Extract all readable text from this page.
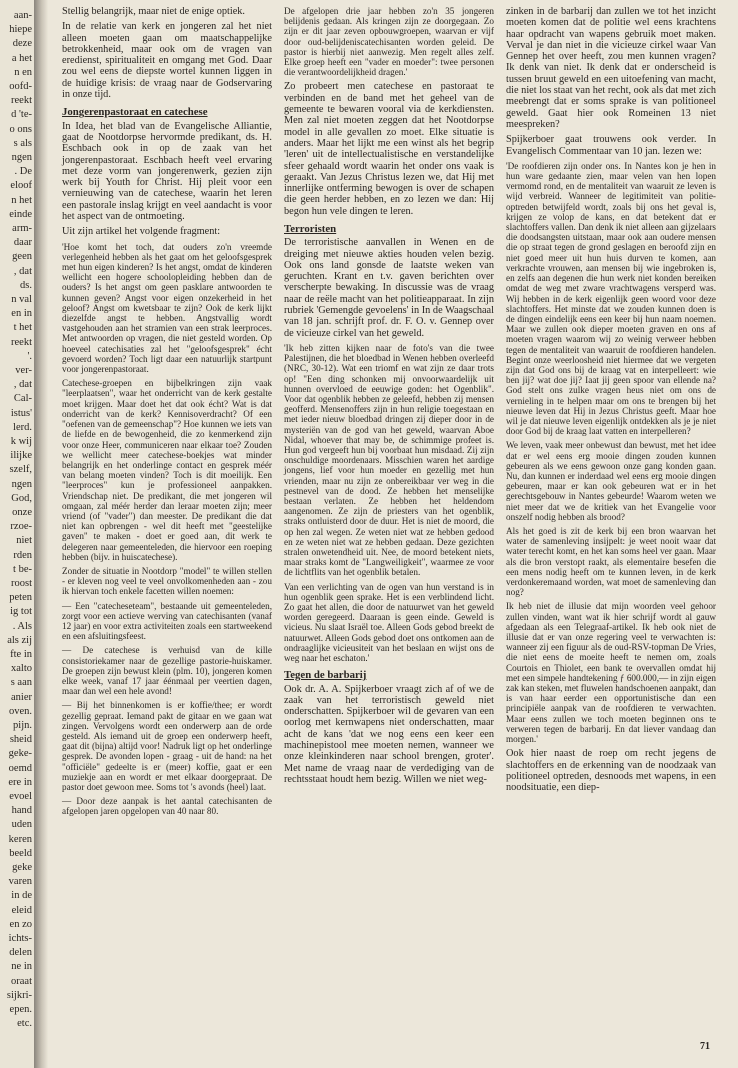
aan-
hiepe
deze
a het
n en
oofd-
reekt
d 'te-
o ons
s als
ngen
. De
eloof
n het
einde
arm-
daar
geen
, dat
ds.
n val
en in
t het
reekt
'.
ver-
, dat
Cal-
istus'
lerd.
k wij
ilijke
szelf,
ngen
God,
onze
rzoe-
niet
rden
t be-
roost
peten
ig tot
. Als
als zij
fte in
xalto
s aan
anier
oven.
pijn.
sheid
geke-
oemd
ere in
evoel
hand
uden
keren
beeld
geke
varen
in de
eleid
en zo
ichts-
delen
ne in
oraat
sijkri-
epen.
etc.

Stellig belangrijk, maar niet de enige optiek.

In de relatie van kerk en jongeren zal het niet alleen moeten gaan om maatschappelijke betrokkenheid, maar ook om de vragen van eredienst, spiritualiteit en omgang met God. Daar zou wel eens de diepste wortel kunnen liggen in de huidige krisis: de vraag naar de Godservaring in onze tijd.

Jongerenpastoraat en catechese

In Idea, het blad van de Evangelische Alliantie, gaat de Nootdorpse hervormde predikant, ds. H. Eschbach ook in op de zaak van het jongerenpastoraat. Eschbach heeft veel ervaring met deze vorm van jongerenwerk, gezien zijn werk bij Youth for Christ. Hij pleit voor een vernieuwing van de catechese, waarin het leren een pastorale inslag krijgt en veel aandacht is voor het aspect van de ontmoeting.

Uit zijn artikel het volgende fragment:

'Hoe komt het toch, dat ouders zo'n vreemde verlegenheid hebben als het gaat om het geloofsgesprek met hun eigen kinderen? Is het angst, omdat de kinderen wellicht een hogere schoolopleiding hebben dan de ouders? Is het angst om geen pasklare antwoorden te kunnen geven? Angst voor eigen onzekerheid in het geloof? Angst om kwetsbaar te zijn? Ook de kerk lijkt diezelfde angst te hebben. Angstvallig wordt vastgehouden aan het stramien van een strak leerproces. Met antwoorden op vragen, die niet gesteld worden. Op hoeveel catechisaties zal het "geloofsgesprek" écht gevoerd worden? Toch ligt daar een natuurlijk startpunt voor jongerenpastoraat.

Catechese-groepen en bijbelkringen zijn vaak "leerplaatsen", waar het onderricht van de kerk gestalte moet krijgen. Maar doet het dat ook écht? Wat is dat onderricht van de kerk? Kennisoverdracht? Of een "oefenen van de gemeenschap"? Hoe kunnen we iets van de liefde en de bewogenheid, die zo kenmerkend zijn voor onze Heer, communiceren naar elkaar toe? Zouden we wellicht meer catechese-boekjes wat minder belangrijk en het onderlinge contact en gesprek méér van belang moeten vinden? Toch is dit moeilijk. Een "leerproces" kun je professioneel aanpakken. Vriendschap niet. De predikant, die met jongeren wil omgaan, zal méér herder dan leraar moeten zijn; meer vriend (of "vader") dan meester. De predikant die dat niet kan opbrengen - wel dit heeft met "geestelijke gaven" te maken - doet er goed aan, dit werk te delegeren naar gemeenteleden, die hiervoor een roeping hebben (bijv. in huiscatechese).

Zonder de situatie in Nootdorp "model" te willen stellen - er kleven nog veel te veel onvolkomenheden aan - zou ik hiervan toch enkele facetten willen noemen:

— Een "catecheseteam", bestaande uit gemeenteleden, zorgt voor een actieve werving van catechisanten (vanaf 12 jaar) en voor extra activiteiten zoals een startweekend en een afsluitingsfeest.

— De catechese is verhuisd van de kille consistoriekamer naar de gezellige pastorie-huiskamer. De groepen zijn bewust klein (plm. 10), jongeren komen elke week, vanaf 17 jaar éénmaal per veertien dagen, maar dan wel een hele avond!

— Bij het binnenkomen is er koffie/thee; er wordt gezellig gepraat. Iemand pakt de gitaar en we gaan wat zingen. Vervolgens wordt een onderwerp aan de orde gesteld. Als iemand uit de groep een onderwerp heeft, gaat dit (bijna) altijd voor! Nadruk ligt op het onderlinge gesprek. De avonden lopen - graag - uit de hand: na het "officiële" gedeelte is er (meer) koffie, gaat er een muziekje aan en wordt er met elkaar doorgepraat. De pastor doet gewoon mee. Soms tot 's avonds (heel) laat.

— Door deze aanpak is het aantal catechisanten de afgelopen jaren opgelopen van 40 naar 80.

De afgelopen drie jaar hebben zo'n 35 jongeren belijdenis gedaan. Als kringen zijn ze doorgegaan. Zo zijn er dit jaar zeven opbouwgroepen, waarvan er vijf door oud-belijdeniscatechisanten worden geleid. De pastor is hierbij niet aanwezig. Men regelt alles zelf. Elke groep heeft een "vader en moeder": twee personen die verantwoordelijkheid dragen.'

Zo probeert men catechese en pastoraat te verbinden en de band met het geheel van de gemeente te bewaren vooral via de kerkdiensten. Men zal niet moeten zeggen dat het Nootdorpse model in alle gevallen zo moet. Elke situatie is anders. Maar het lijkt me een winst als het begrip 'leren' uit de intellectualistische en verstandelijke sfeer gehaald wordt waarin het onder ons vaak is geraakt. Van Jezus Christus lezen we, dat Hij met innerlijke ontferming bewogen is over de schapen die geen herder hebben, en zo lezen we dan: Hij begon hun vele dingen te leren.

Terroristen

De terroristische aanvallen in Wenen en de dreiging met nieuwe akties houden velen bezig. Ook ons land gonsde de laatste weken van geruchten. Krant en t.v. gaven berichten over verscherpte bewaking. In discussie was de vraag naar de reële macht van het politieapparaat. In zijn rubriek 'Gemengde gevoelens' in In de Waagschaal van 18 jan. schrijft prof. dr. F. O. v. Gennep over de vicieuze cirkel van het geweld.

'Ik heb zitten kijken naar de foto's van die twee Palestijnen, die het bloedbad in Wenen hebben overleefd (NRC, 30-12). Wat een triomf en wat zijn ze daar trots op! "Een ding schonken mij onvoorwaardelijk uit hunnen overvloed de eeuwige goden: het Ogenblik". Voor dat ogenblik hebben ze geleefd, hebben zij mensen geofferd. Mensenoffers zijn in hun religie toegestaan en met ieder nieuw bloedbad dringen zij dieper door in de mysteriën van de god van het geweld, waarvan Aboe Nidal, whoever that may be, de schimmige profeet is. Hun god vergeeft hun bij voorbaat hun misdaad. Zij zijn onschuldige moordenaars. Misschien waren het aardige jongens, lief voor hun moeder en gezellig met hun vrienden, maar nu zijn ze onbereikbaar ver weg in die pestnevel van de dood. Ze hebben het menselijke bestaan verlaten. Ze hebben het heldendom aangenomen. Ze zijn de priesters van het ogenblik, straks ontluisterd door de duur. Het is niet de moord, die op hen zal wegen. Ze weten niet wat ze hebben gedood en ze weten niet wat ze hebben gedaan. Deze gezichten stralen onwetendheid uit. Nee, de moord betekent niets, maar straks komt de "Langweiligkeit", waarmee ze voor de lichtflits van het ogenblik betalen.

Van een verlichting van de ogen van hun verstand is in hun ogenblik geen sprake. Het is een verblindend licht. Zo gaat het allen, die door de natuurwet van het geweld worden geregeerd. Daaraan is geen einde. Geweld is vicieus. Nu slaat Israël toe. Alleen Gods gebod breekt de natuurwet. Alleen Gods gebod doet ons ontkomen aan de ondraaglijke vicieusiteit van het beslaan en wijst ons de weg naar het eschaton.'

Tegen de barbarij

Ook dr. A. A. Spijkerboer vraagt zich af of we de zaak van het terroristisch geweld niet onderschatten. Spijkerboer wil de gevaren van een oorlog met kernwapens niet onderschatten, maar acht de kans 'dat we nog eens een keer een machinepistool mee moeten nemen, wanneer we onze kleinkinderen naar school brengen, groter'. Met name de vraag naar de verdediging van de rechtsstaat houdt hem bezig. Willen we niet weg-

zinken in de barbarij dan zullen we tot het inzicht moeten komen dat de politie wel eens krachtens haar opdracht van wapens gebruik moet maken. Verval je dan niet in die vicieuze cirkel waar Van Gennep het over heeft, zou men kunnen vragen? Ik denk van niet. Ik denk dat er onderscheid is tussen bruut geweld en een uitoefening van macht, die niet los staat van het recht, ook als dat met zich meebrengt dat er soms sprake is van politioneel geweld. Gaat hier ook Romeinen 13 niet meespreken?

Spijkerboer gaat trouwens ook verder. In Evangelisch Commentaar van 10 jan. lezen we:

'De roofdieren zijn onder ons. In Nantes kon je hen in hun ware gedaante zien, maar velen van hen lopen vermomd rond, en de mentaliteit van waaruit ze leven is wijd verbreid. Wanneer de legitimiteit van politie-optreden betwijfeld wordt, zoals bij ons het geval is, krijgen ze volop de kans, en dat betekent dat er slachtoffers vallen. Dan denk ik niet alleen aan gijzelaars die doodsangsten uitstaan, maar ook aan oudere mensen die op straat tegen de grond geslagen en beroofd zijn en niet goed meer uit hun huis durven te komen, aan verkrachte vrouwen, aan mensen bij wie ingebroken is, en zelfs aan degenen die hun werk niet konden bereiken omdat de weg met zware vrachtwagens versperd was. Wij hebben in de kerk eigenlijk geen woord voor deze slachtoffers. Het minste dat we zouden kunnen doen is de dingen eindelijk eens een keer bij hun naam noemen. Maar we zullen ook dieper moeten graven en ons af moeten vragen waarom wij zo weinig verweer hebben tegen de mentaliteit van waaruit de roofdieren handelen. Begint onze weerloosheid niet hiermee dat we vergeten zijn dat God ons bij de kraag vat en interpelleert: wie ben jij? wat doe jij? Iaat jij geen spoor van ellende na? God stelt ons zulke vragen heus niet om ons de vernieling in te helpen maar om ons te brengen bij het nieuwe leven dat Hij in Jezus Christus geeft. Maar hoe wil je dat nieuwe leven eigenlijk ontdekken als je je niet door God bij de kraag laat vatten en interpelleren?

We leven, vaak meer onbewust dan bewust, met het idee dat er wel eens erg mooie dingen zouden kunnen gebeuren als we eens gewoon onze gang konden gaan. Nu, dan kunnen er inderdaad wel eens erg mooie dingen gebeuren, maar er kan ook gebeuren wat er in het gerechtsgebouw in Nantes gebeurde! Waarom weten we niet meer dat we de kritiek van het Evangelie voor onszelf nodig hebben als brood?

Als het goed is zit de kerk bij een bron waarvan het water de samenleving insijpelt: je weet nooit waar dat water terecht komt, en het kan soms heel ver gaan. Maar als die bron verstopt raakt, als elementaire besefen die een mens nodig heeft om te kunnen leven, in de kerk verdonkeremaand worden, wat moet de samenleving dan nog?

Ik heb niet de illusie dat mijn woorden veel gehoor zullen vinden, want wat ik hier schrijf wordt al gauw afgedaan als een Telegraaf-artikel. Ik heb ook niet de illusie dat er van onze regering veel te verwachten is: wanneer zij een figuur als de oud-RSV-topman De Vries, die niet eens de moeite heeft te nemen om, zoals Courtois en Thiolet, een bank te overvallen omdat hij met een simpele handtekening ƒ 600.000,— in zijn eigen zak kan steken, met fluwelen handschoenen aanpakt, dan is van haar eerder een opportunistische dan een principiële aanpak van de roofdieren te verwachten. Maar eens zullen we toch moeten beginnen ons te verweren tegen de barbarij. En dat liever vandaag dan morgen.'

Ook hier naast de roep om recht jegens de slachtoffers en de erkenning van de noodzaak van politioneel optreden, desnoods met wapens, in een noodsituatie, een diep-

71
